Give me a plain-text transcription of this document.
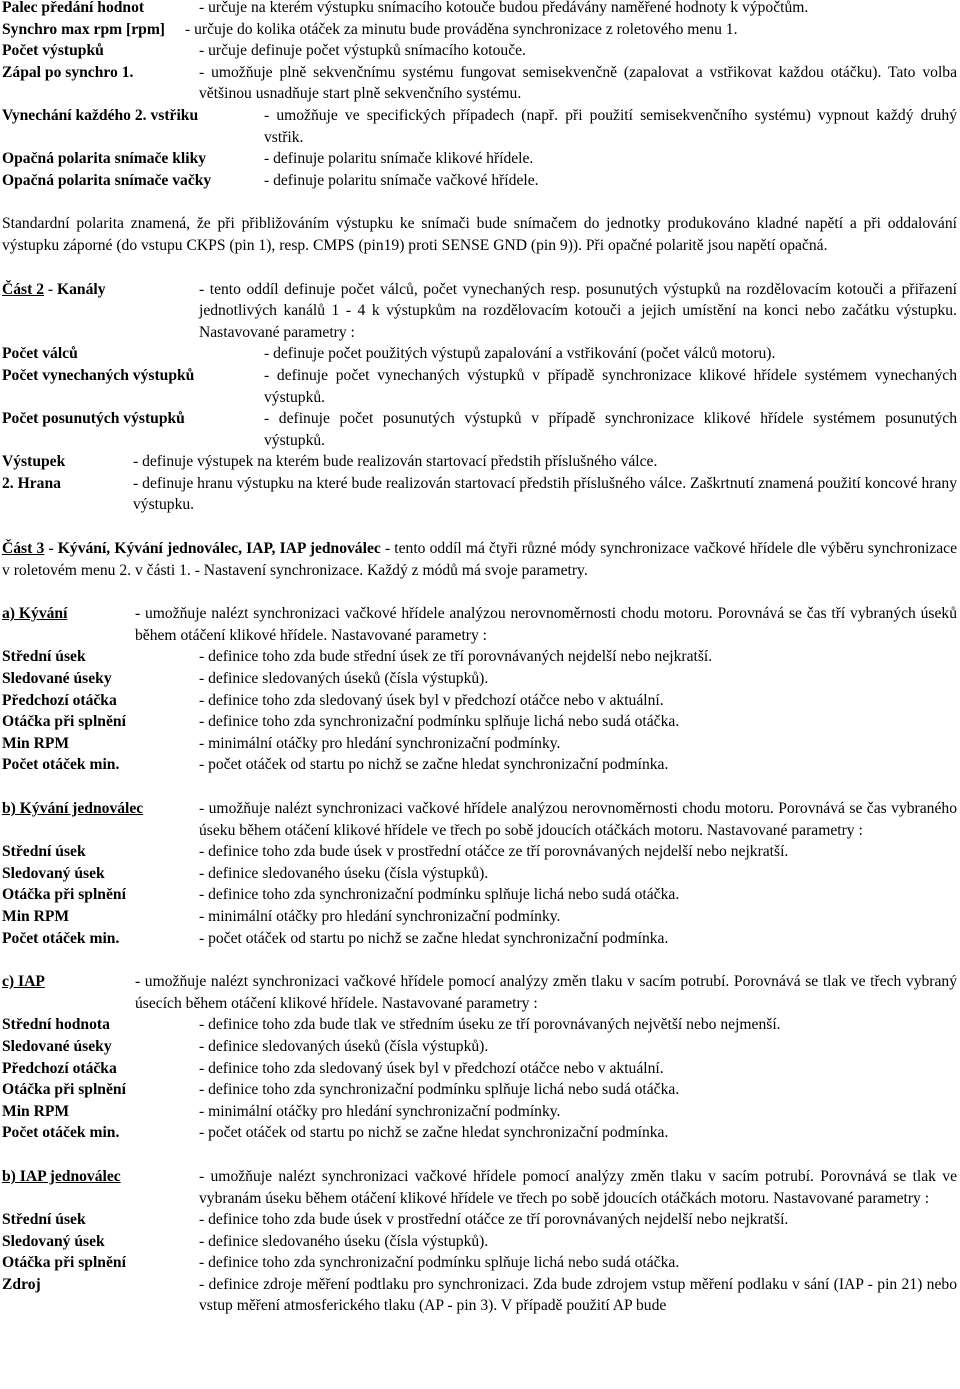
Palec předání hodnot	- určuje na kterém výstupku snímacího kotouče budou předávány naměřené hodnoty k výpočtům.
Synchro max rpm [rpm]	- určuje do kolika otáček za minutu bude prováděna synchronizace z roletového menu 1.
Počet výstupků	- určuje definuje počet výstupků snímacího kotouče.
Zápal po synchro 1.	- umožňuje plně sekvenčnímu systému fungovat semisekvenčně (zapalovat a vstřikovat každou otáčku). Tato volba většinou usnadňuje start plně sekvenčního systému.
Vynechání každého 2. vstřiku	- umožňuje ve specifických případech (např. při použití semisekvenčního systému) vypnout každý druhý vstřik.
Opačná polarita snímače kliky	- definuje polaritu snímače klikové hřídele.
Opačná polarita snímače vačky	- definuje polaritu snímače vačkové hřídele.
Standardní polarita znamená, že při přibližováním výstupku ke snímači bude snímačem do jednotky produkováno kladné napětí a při oddalování výstupku záporné (do vstupu CKPS (pin 1), resp. CMPS (pin19) proti SENSE GND (pin 9)). Při opačné polaritě jsou napětí opačná.
Část 2 - Kanály	- tento oddíl definuje počet válců, počet vynechaných resp. posunutých výstupků na rozdělovacím kotouči a přiřazení jednotlivých kanálů 1 - 4 k výstupkům na rozdělovacím kotouči a jejich umístění na konci nebo začátku výstupku. Nastavované parametry :
Počet válců	- definuje počet použitých výstupů zapalování a vstřikování (počet válců motoru).
Počet vynechaných výstupků	- definuje počet vynechaných výstupků v případě synchronizace klikové hřídele systémem vynechaných výstupků.
Počet posunutých výstupků	- definuje počet posunutých výstupků v případě synchronizace klikové hřídele systémem posunutých výstupků.
Výstupek	- definuje výstupek na kterém bude realizován startovací předstih příslušného válce.
2. Hrana	- definuje hranu výstupku na které bude realizován startovací předstih příslušného válce. Zaškrtnutí znamená použití koncové hrany výstupku.
Část 3 - Kývání, Kývání jednoválec, IAP, IAP jednoválec - tento oddíl má čtyři různé módy synchronizace vačkové hřídele dle výběru synchronizace v roletovém menu 2. v části 1. - Nastavení synchronizace. Každý z módů má svoje parametry.
a) Kývání	- umožňuje nalézt synchronizaci vačkové hřídele analýzou nerovnoměrnosti chodu motoru. Porovnává se čas tří vybraných úseků během otáčení klikové hřídele. Nastavované parametry :
Střední úsek	- definice toho zda bude střední úsek ze tří porovnávaných nejdelší nebo nejkratší.
Sledované úseky	- definice sledovaných úseků (čísla výstupků).
Předchozí otáčka	- definice toho zda sledovaný úsek byl v předchozí otáčce nebo v aktuální.
Otáčka při splnění	- definice toho zda synchronizační podmínku splňuje lichá nebo sudá otáčka.
Min RPM	- minimální otáčky pro hledání synchronizační podmínky.
Počet otáček min.	- počet otáček od startu po nichž se začne hledat synchronizační podmínka.
b) Kývání jednoválec	- umožňuje nalézt synchronizaci vačkové hřídele analýzou nerovnoměrnosti chodu motoru. Porovnává se čas vybraného úseku během otáčení klikové hřídele ve třech po sobě jdoucích otáčkách motoru. Nastavované parametry :
Střední úsek	- definice toho zda bude úsek v prostřední otáčce ze tří porovnávaných nejdelší nebo nejkratší.
Sledovaný úsek	- definice sledovaného úseku (čísla výstupků).
Otáčka při splnění	- definice toho zda synchronizační podmínku splňuje lichá nebo sudá otáčka.
Min RPM	- minimální otáčky pro hledání synchronizační podmínky.
Počet otáček min.	- počet otáček od startu po nichž se začne hledat synchronizační podmínka.
c) IAP	- umožňuje nalézt synchronizaci vačkové hřídele pomocí analýzy změn tlaku v sacím potrubí. Porovnává se tlak ve třech vybraný úsecích během otáčení klikové hřídele. Nastavované parametry :
Střední hodnota	- definice toho zda bude tlak ve středním úseku ze tří porovnávaných největší nebo nejmenší.
Sledované úseky	- definice sledovaných úseků (čísla výstupků).
Předchozí otáčka	- definice toho zda sledovaný úsek byl v předchozí otáčce nebo v aktuální.
Otáčka při splnění	- definice toho zda synchronizační podmínku splňuje lichá nebo sudá otáčka.
Min RPM	- minimální otáčky pro hledání synchronizační podmínky.
Počet otáček min.	- počet otáček od startu po nichž se začne hledat synchronizační podmínka.
b) IAP jednoválec	- umožňuje nalézt synchronizaci vačkové hřídele pomocí analýzy změn tlaku v sacím potrubí. Porovnává se tlak ve vybranám úseku během otáčení klikové hřídele ve třech po sobě jdoucích otáčkách motoru. Nastavované parametry :
Střední úsek	- definice toho zda bude úsek v prostřední otáčce ze tří porovnávaných nejdelší nebo nejkratší.
Sledovaný úsek	- definice sledovaného úseku (čísla výstupků).
Otáčka při splnění	- definice toho zda synchronizační podmínku splňuje lichá nebo sudá otáčka.
Zdroj	- definice zdroje měření podtlaku pro synchronizaci. Zda bude zdrojem vstup měření podlaku v sání (IAP - pin 21) nebo vstup měření atmosferického tlaku (AP - pin 3). V případě použití AP bude
